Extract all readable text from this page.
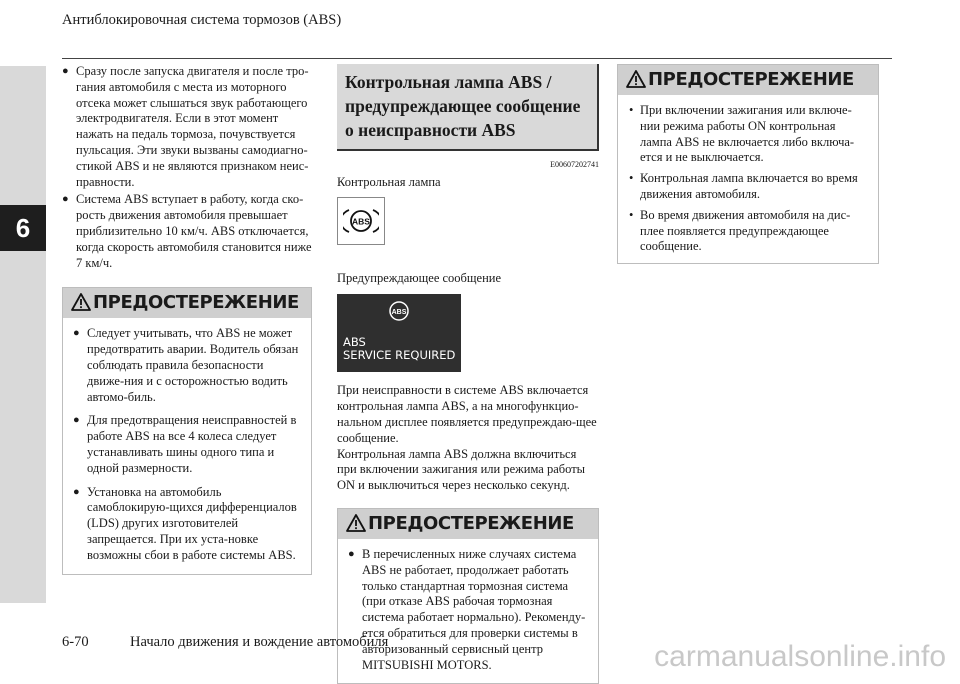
6
Антиблокировочная система тормозов (ABS)
● Сразу после запуска двигателя и после тро-гания автомобиля с места из моторного отсека может слышаться звук работающего электродвигателя. Если в этот момент нажать на педаль тормоза, почувствуется пульсация. Эти звуки вызваны самодиагно-стикой ABS и не являются признаком неис-правности.
● Система ABS вступает в работу, когда ско-рость движения автомобиля превышает приблизительно 10 км/ч. ABS отключается, когда скорость автомобиля становится ниже 7 км/ч.
ПРЕДОСТЕРЕЖЕНИЕ
● Следует учитывать, что ABS не может предотвратить аварии. Водитель обязан соблюдать правила безопасности движе-ния и с осторожностью водить автомо-биль.
● Для предотвращения неисправностей в работе ABS на все 4 колеса следует устанавливать шины одного типа и одной размерности.
● Установка на автомобиль самоблокирую-щихся дифференциалов (LDS) других изготовителей запрещается. При их уста-новке возможны сбои в работе системы ABS.
Контрольная лампа ABS / предупреждающее сообщение о неисправности ABS
E00607202741
Контрольная лампа
ABS
Предупреждающее сообщение
ABS
ABS
SERVICE REQUIRED
При неисправности в системе ABS включается контрольная лампа ABS, а на многофункцио-нальном дисплее появляется предупреждаю-щее сообщение.
Контрольная лампа ABS должна включиться при включении зажигания или режима работы ON и выключиться через несколько секунд.
ПРЕДОСТЕРЕЖЕНИЕ
● В перечисленных ниже случаях система ABS не работает, продолжает работать только стандартная тормозная система (при отказе ABS рабочая тормозная система работает нормально). Рекоменду-ется обратиться для проверки системы в авторизованный сервисный центр MITSUBISHI MOTORS.
ПРЕДОСТЕРЕЖЕНИЕ
• При включении зажигания или включе-нии режима работы ON контрольная лампа ABS не включается либо включа-ется и не выключается.
• Контрольная лампа включается во время движения автомобиля.
• Во время движения автомобиля на дис-плее появляется предупреждающее сообщение.
6-70	Начало движения и вождение автомобиля	carmanualsonline.info
